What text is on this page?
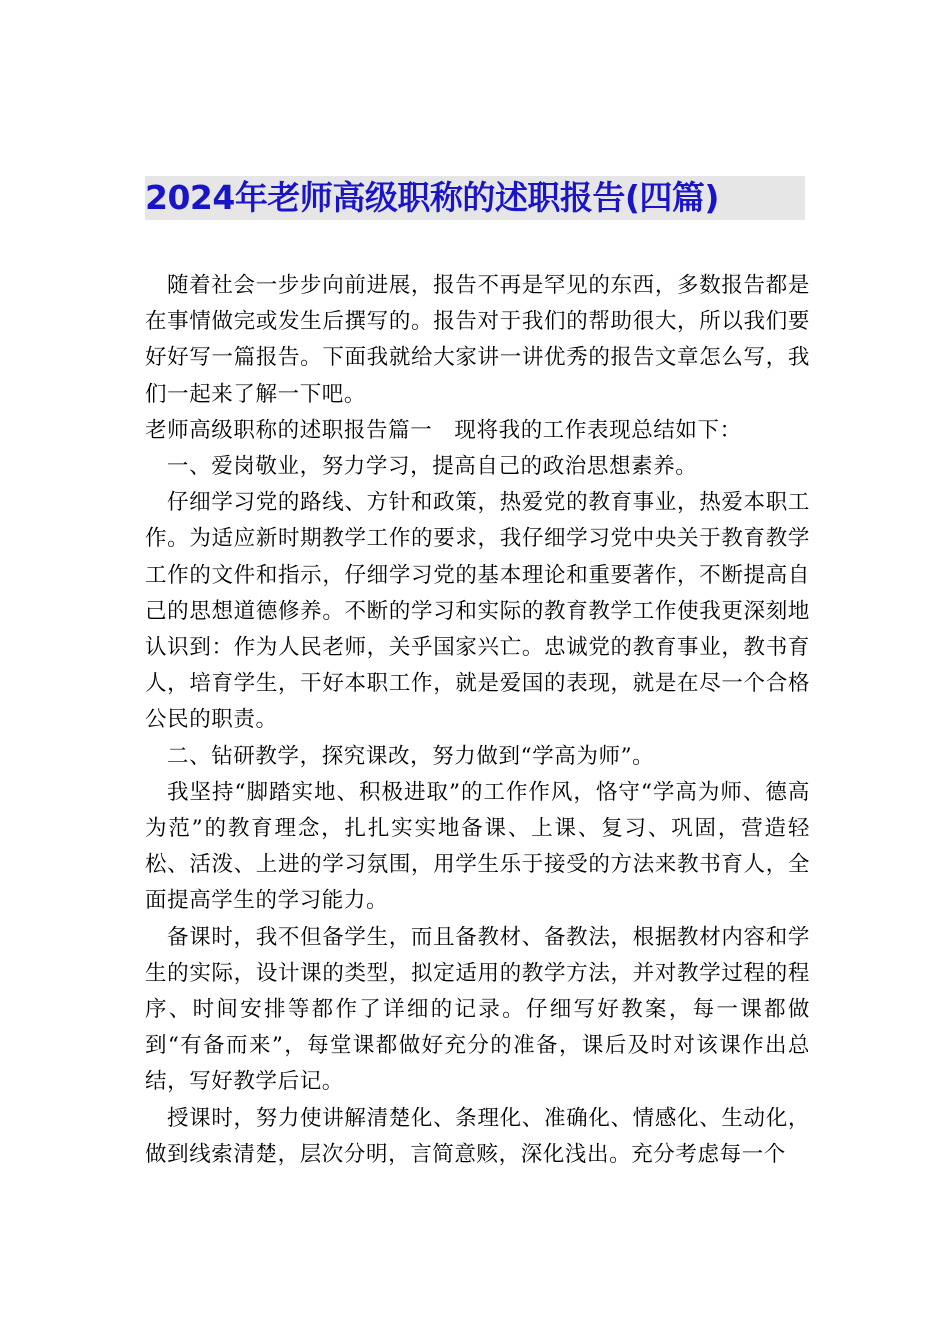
2024年老师高级职称的述职报告(四篇)

随着社会一步步向前进展，报告不再是罕见的东西，多数报告都是在事情做完或发生后撰写的。报告对于我们的帮助很大，所以我们要好好写一篇报告。下面我就给大家讲一讲优秀的报告文章怎么写，我们一起来了解一下吧。

老师高级职称的述职报告篇一　现将我的工作表现总结如下：

一、爱岗敬业，努力学习，提高自己的政治思想素养。

仔细学习党的路线、方针和政策，热爱党的教育事业，热爱本职工作。为适应新时期教学工作的要求，我仔细学习党中央关于教育教学工作的文件和指示，仔细学习党的基本理论和重要著作，不断提高自己的思想道德修养。不断的学习和实际的教育教学工作使我更深刻地认识到：作为人民老师，关乎国家兴亡。忠诚党的教育事业，教书育人，培育学生，干好本职工作，就是爱国的表现，就是在尽一个合格公民的职责。

二、钻研教学，探究课改，努力做到“学高为师”。

我坚持“脚踏实地、积极进取”的工作作风，恪守“学高为师、德高为范”的教育理念，扎扎实实地备课、上课、复习、巩固，营造轻松、活泼、上进的学习氛围，用学生乐于接受的方法来教书育人，全面提高学生的学习能力。

备课时，我不但备学生，而且备教材、备教法，根据教材内容和学生的实际，设计课的类型，拟定适用的教学方法，并对教学过程的程序、时间安排等都作了详细的记录。仔细写好教案，每一课都做到“有备而来”，每堂课都做好充分的准备，课后及时对该课作出总结，写好教学后记。

授课时，努力使讲解清楚化、条理化、准确化、情感化、生动化，做到线索清楚，层次分明，言简意赅，深化浅出。充分考虑每一个
